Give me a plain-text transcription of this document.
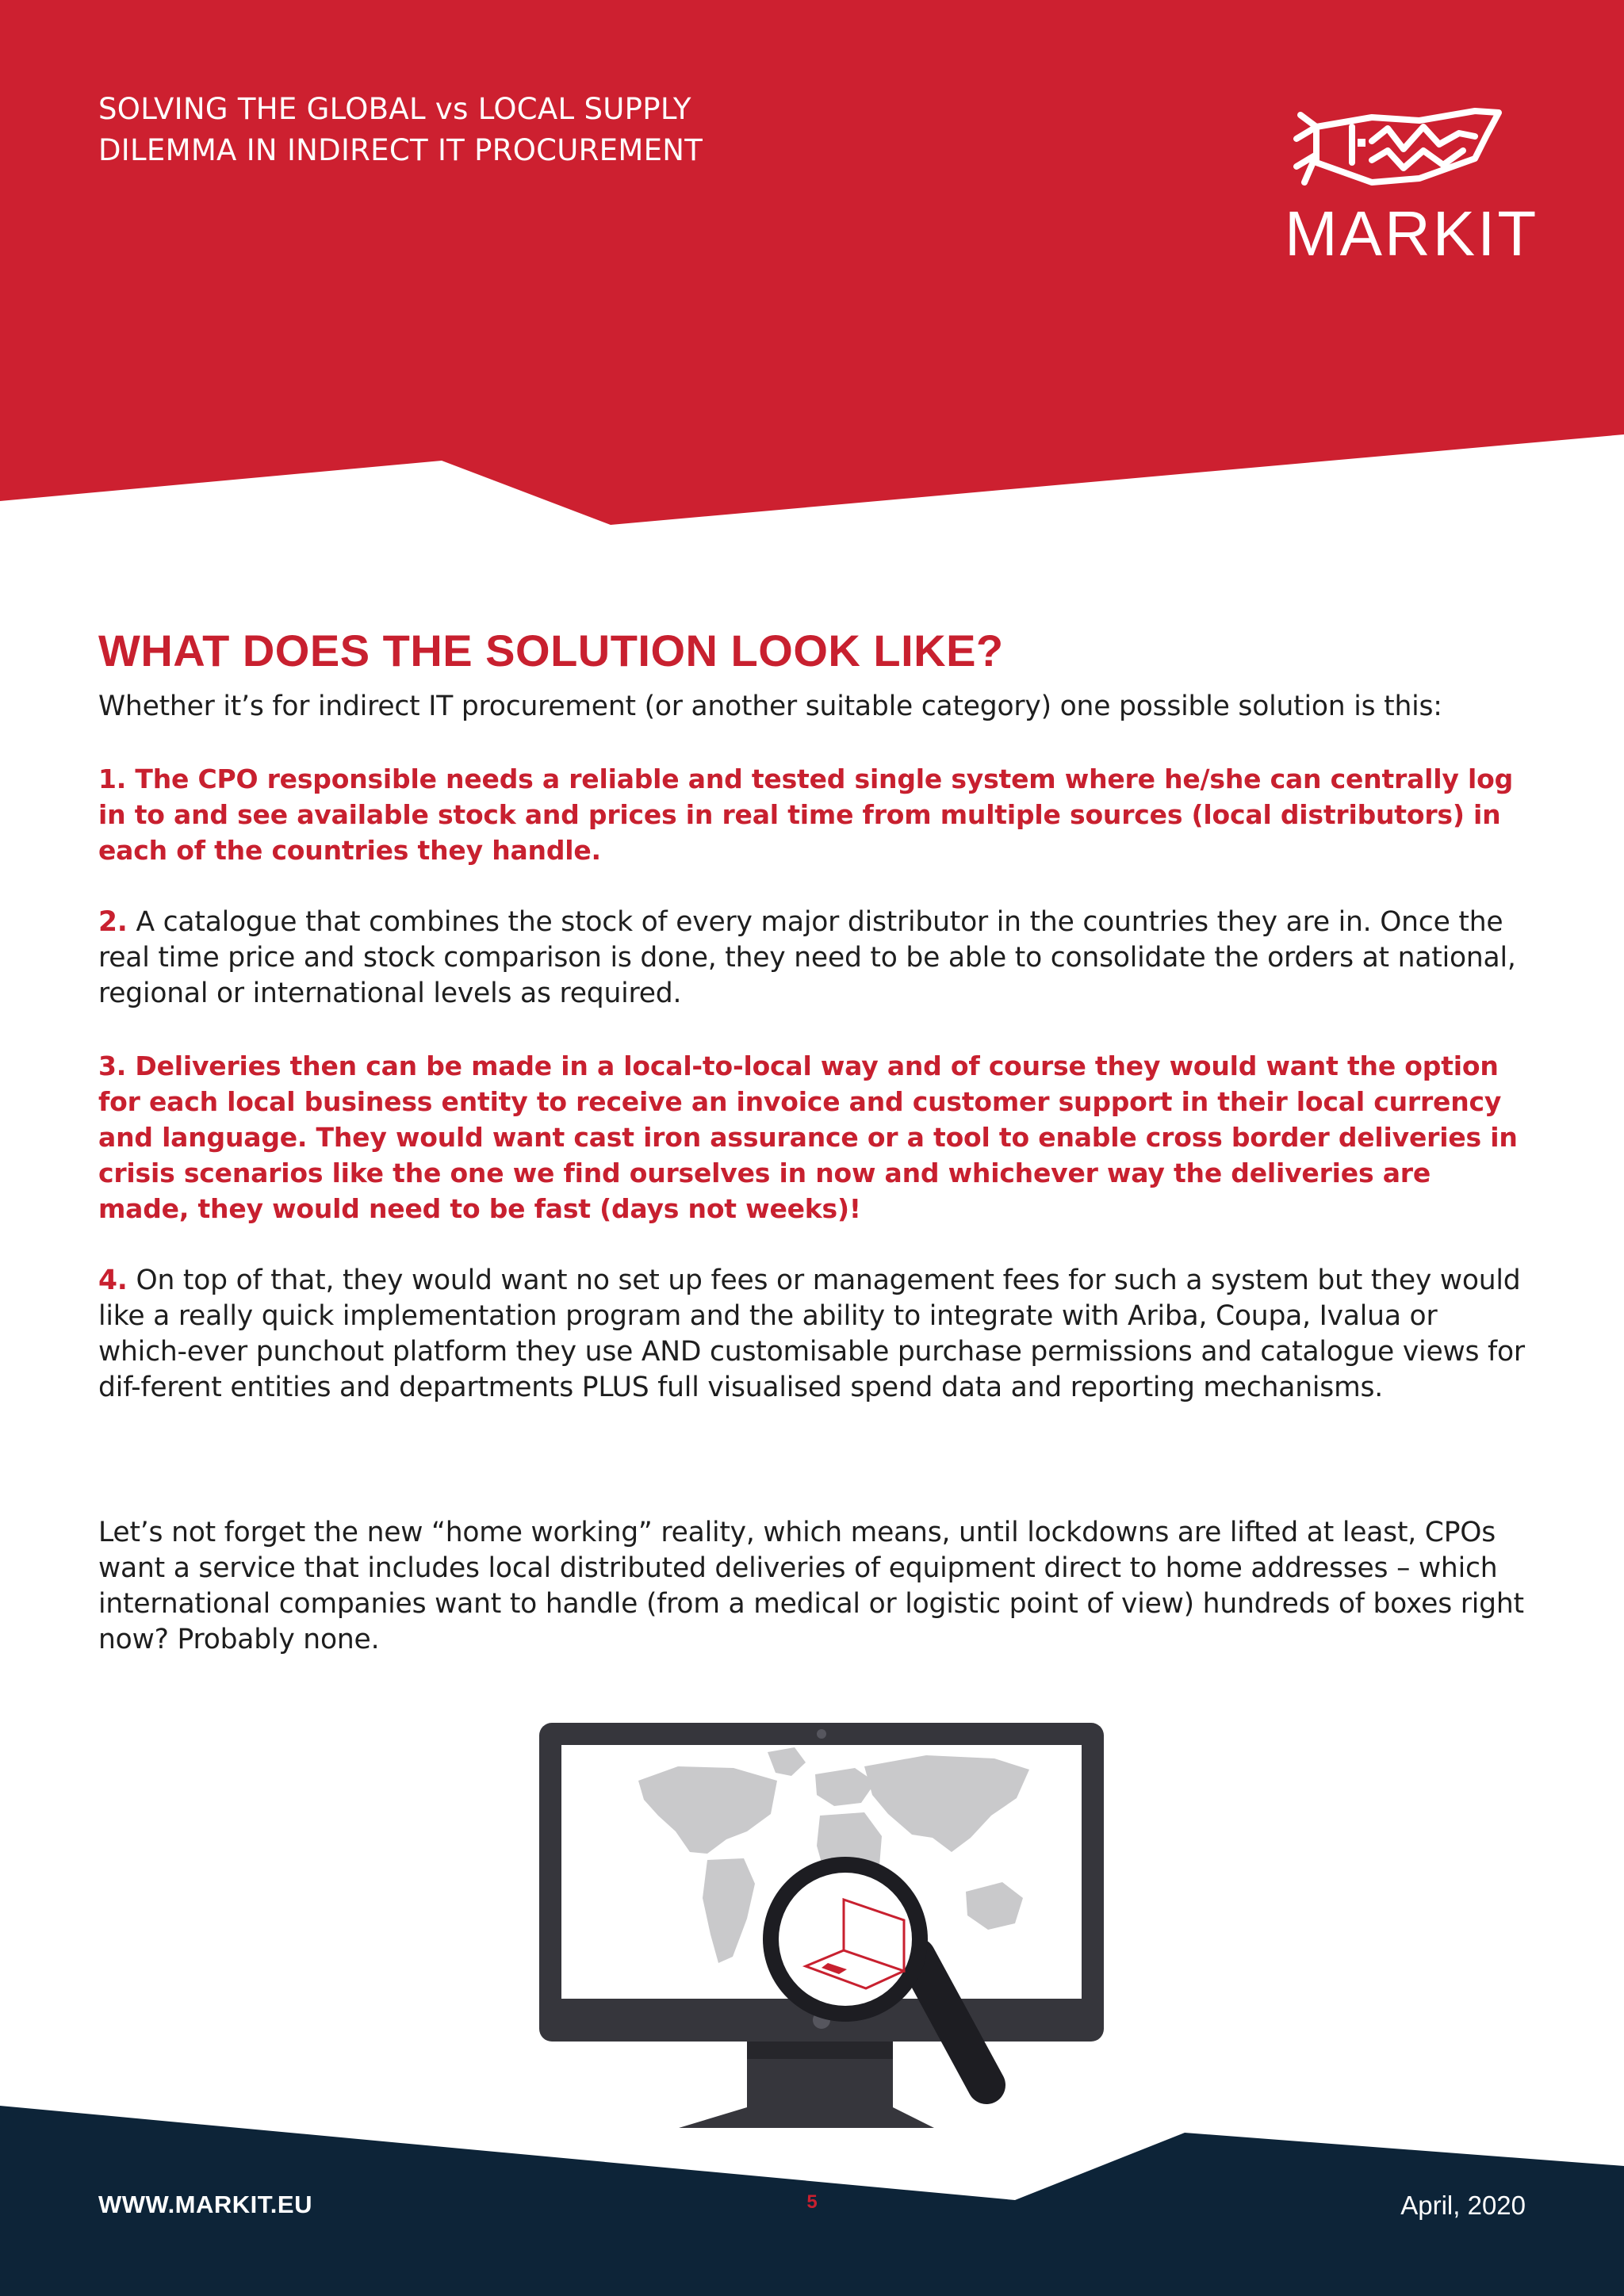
SOLVING THE GLOBAL vs LOCAL SUPPLY
DILEMMA IN INDIRECT IT PROCUREMENT
MARKIT
WHAT DOES THE SOLUTION LOOK LIKE?

Whether it’s for indirect IT procurement (or another suitable category) one possible solution is this:

1. The CPO responsible needs a reliable and tested single system where he/she can centrally log in to and see available stock and prices in real time from multiple sources (local distributors) in each of the countries they handle.

2. A catalogue that combines the stock of every major distributor in the countries they are in. Once the real time price and stock comparison is done, they need to be able to consolidate the orders at national, regional or international levels as required.

3. Deliveries then can be made in a local-to-local way and of course they would want the option for each local business entity to receive an invoice and customer support in their local currency and language. They would want cast iron assurance or a tool to enable cross border deliveries in crisis scenarios like the one we find ourselves in now and whichever way the deliveries are made, they would need to be fast (days not weeks)!

4. On top of that, they would want no set up fees or management fees for such a system but they would like a really quick implementation program and the ability to integrate with Ariba, Coupa, Ivalua or which-ever punchout platform they use AND customisable purchase permissions and catalogue views for dif-ferent entities and departments PLUS full visualised spend data and reporting mechanisms.

Let’s not forget the new “home working” reality, which means, until lockdowns are lifted at least, CPOs want a service that includes local distributed deliveries of equipment direct to home addresses – which international companies want to handle (from a medical or logistic point of view) hundreds of boxes right now? Probably none.

WWW.MARKIT.EU	5	April, 2020
